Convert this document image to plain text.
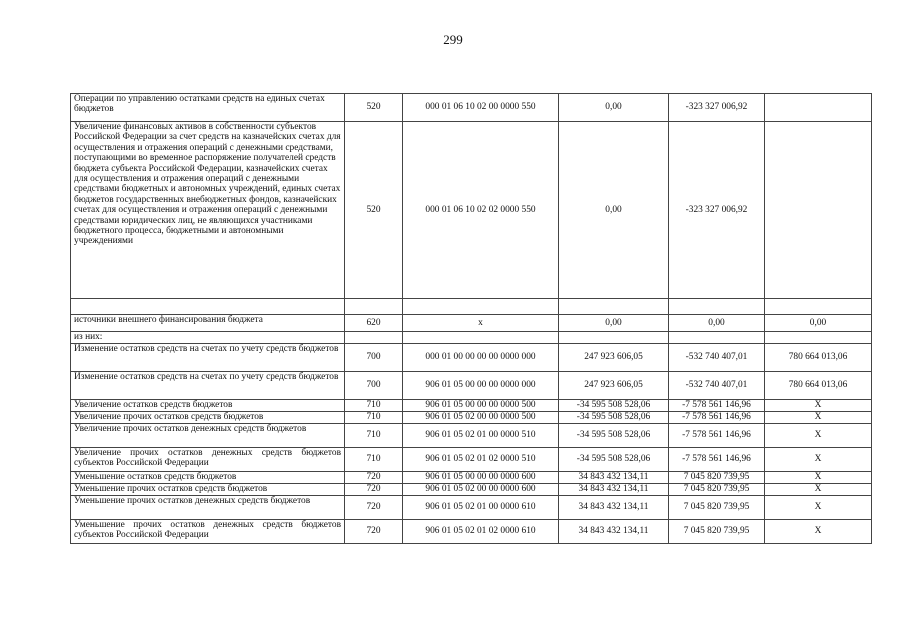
299
Операции по управлению остатками средств на единых счетах бюджетов	520	000 01 06 10 02 00 0000 550	0,00	-323 327 006,92	
Увеличение финансовых активов в собственности субъектов Российской Федерации за счет средств на казначейских счетах для осуществления и отражения операций с денежными средствами, поступающими во временное распоряжение получателей средств бюджета субъекта Российской Федерации, казначейских счетах для осуществления и отражения операций с денежными средствами бюджетных и автономных учреждений, единых счетах бюджетов государственных внебюджетных фондов, казначейских счетах для осуществления и отражения операций с денежными средствами юридических лиц, не являющихся участниками бюджетного процесса, бюджетными и автономными учреждениями	520	000 01 06 10 02 02 0000 550	0,00	-323 327 006,92	

источники внешнего финансирования бюджета	620	x	0,00	0,00	0,00
из них:					
Изменение остатков средств на счетах по учету средств бюджетов	700	000 01 00 00 00 00 0000 000	247 923 606,05	-532 740 407,01	780 664 013,06
Изменение остатков средств на счетах по учету средств бюджетов	700	906 01 05 00 00 00 0000 000	247 923 606,05	-532 740 407,01	780 664 013,06
Увеличение остатков средств бюджетов	710	906 01 05 00 00 00 0000 500	-34 595 508 528,06	-7 578 561 146,96	X
Увеличение прочих остатков средств бюджетов	710	906 01 05 02 00 00 0000 500	-34 595 508 528,06	-7 578 561 146,96	X
Увеличение прочих остатков денежных средств бюджетов	710	906 01 05 02 01 00 0000 510	-34 595 508 528,06	-7 578 561 146,96	X
Увеличение прочих остатков денежных средств бюджетов субъектов Российской Федерации	710	906 01 05 02 01 02 0000 510	-34 595 508 528,06	-7 578 561 146,96	X
Уменьшение остатков средств бюджетов	720	906 01 05 00 00 00 0000 600	34 843 432 134,11	7 045 820 739,95	X
Уменьшение прочих остатков средств бюджетов	720	906 01 05 02 00 00 0000 600	34 843 432 134,11	7 045 820 739,95	X
Уменьшение прочих остатков денежных средств бюджетов	720	906 01 05 02 01 00 0000 610	34 843 432 134,11	7 045 820 739,95	X
Уменьшение прочих остатков денежных средств бюджетов субъектов Российской Федерации	720	906 01 05 02 01 02 0000 610	34 843 432 134,11	7 045 820 739,95	X
